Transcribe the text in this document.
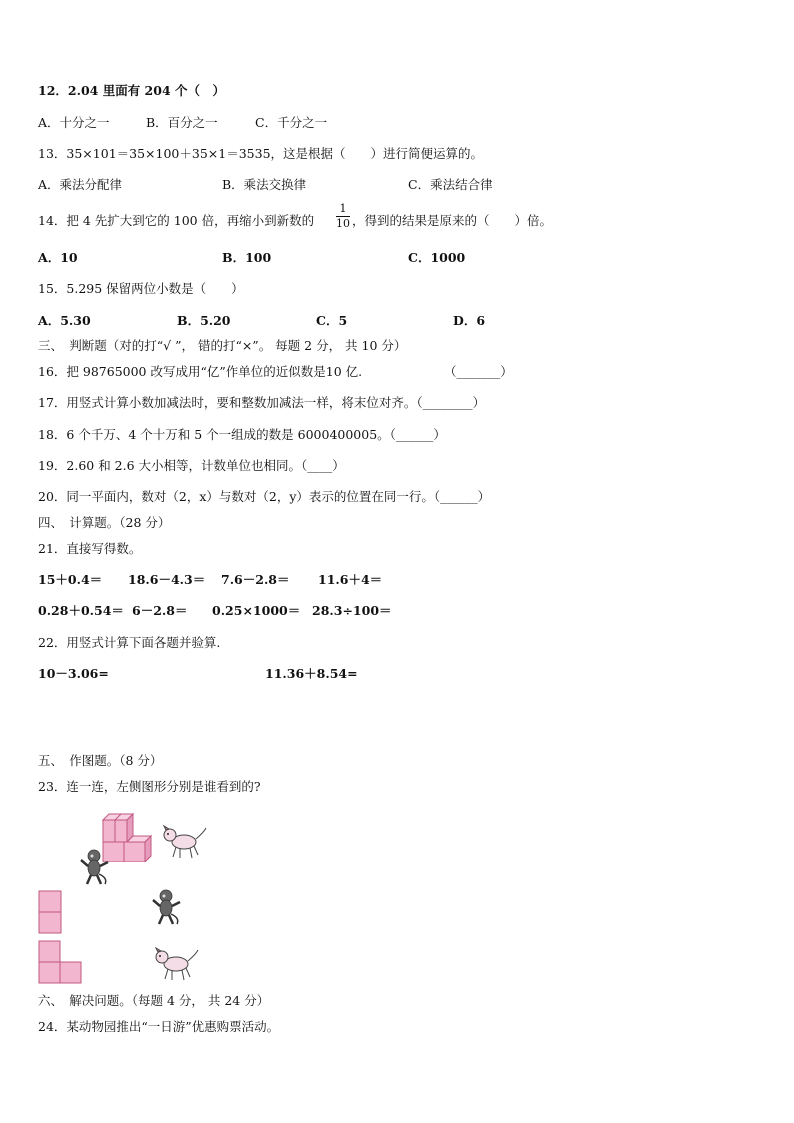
12．2.04 里面有 204 个（　）
A．十分之一	B．百分之一	C．千分之一
13．35×101＝35×100＋35×1＝3535，这是根据（　　）进行简便运算的。
A．乘法分配律	B．乘法交换律	C．乘法结合律
14．把 4 先扩大到它的 100 倍，再缩小到新数的
1
10 ，得到的结果是原来的（　　）倍。
A．10	B．100	C．1000
15．5.295 保留两位小数是（　　）
A．5.30	B．5.20	C．5	D．6
三、　判断题（对的打“√ ”， 错的打“×”。 每题 2 分， 共 10 分）
16．把 98765000 改写成用“亿”作单位的近似数是10 亿.	（_______）
17．用竖式计算小数加减法时，要和整数加减法一样，将末位对齐。（________）
18．6 个千万、4 个十万和 5 个一组成的数是 6000400005。（______）
19．2.60 和 2.6 大小相等，计数单位也相同。（____）
20．同一平面内，数对（2，x）与数对（2，y）表示的位置在同一行。（______）
四、　计算题。（28 分）
21．直接写得数。
15＋0.4＝ 18.6－4.3＝ 7.6－2.8＝ 11.6＋4＝
0.28＋0.54＝ 6－2.8＝ 0.25×1000＝ 28.3÷100＝
22．用竖式计算下面各题并验算.
10－3.06=	11.36＋8.54=
五、　作图题。（8 分）
23．连一连，左侧图形分别是谁看到的?
六、　解决问题。（每题 4 分， 共 24 分）
24．某动物园推出“一日游”优惠购票活动。
